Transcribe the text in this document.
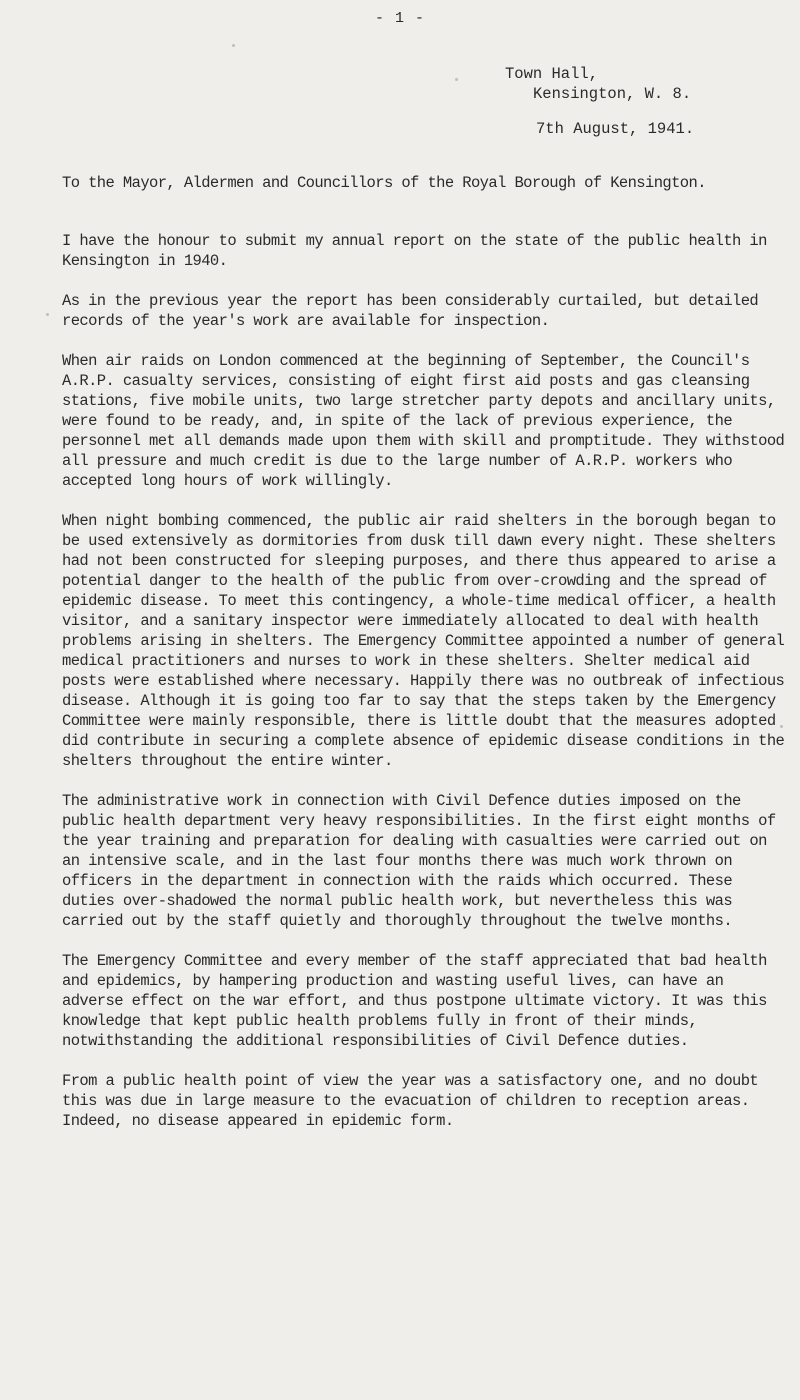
- 1 -
Town Hall,
Kensington, W. 8.
7th August, 1941.

To the Mayor, Aldermen and Councillors of the Royal Borough of Kensington.

I have the honour to submit my annual report on the state of the public health in Kensington in 1940.

As in the previous year the report has been considerably curtailed, but detailed records of the year's work are available for inspection.

When air raids on London commenced at the beginning of September, the Council's A.R.P. casualty services, consisting of eight first aid posts and gas cleansing stations, five mobile units, two large stretcher party depots and ancillary units, were found to be ready, and, in spite of the lack of previous experience, the personnel met all demands made upon them with skill and promptitude. They withstood all pressure and much credit is due to the large number of A.R.P. workers who accepted long hours of work willingly.

When night bombing commenced, the public air raid shelters in the borough began to be used extensively as dormitories from dusk till dawn every night. These shelters had not been constructed for sleeping purposes, and there thus appeared to arise a potential danger to the health of the public from over-crowding and the spread of epidemic disease. To meet this contingency, a whole-time medical officer, a health visitor, and a sanitary inspector were immediately allocated to deal with health problems arising in shelters. The Emergency Committee appointed a number of general medical practitioners and nurses to work in these shelters. Shelter medical aid posts were established where necessary. Happily there was no outbreak of infectious disease. Although it is going too far to say that the steps taken by the Emergency Committee were mainly responsible, there is little doubt that the measures adopted did contribute in securing a complete absence of epidemic disease conditions in the shelters throughout the entire winter.

The administrative work in connection with Civil Defence duties imposed on the public health department very heavy responsibilities. In the first eight months of the year training and preparation for dealing with casualties were carried out on an intensive scale, and in the last four months there was much work thrown on officers in the department in connection with the raids which occurred. These duties over-shadowed the normal public health work, but nevertheless this was carried out by the staff quietly and thoroughly throughout the twelve months.

The Emergency Committee and every member of the staff appreciated that bad health and epidemics, by hampering production and wasting useful lives, can have an adverse effect on the war effort, and thus postpone ultimate victory. It was this knowledge that kept public health problems fully in front of their minds, notwithstanding the additional responsibilities of Civil Defence duties.

From a public health point of view the year was a satisfactory one, and no doubt this was due in large measure to the evacuation of children to reception areas. Indeed, no disease appeared in epidemic form.
